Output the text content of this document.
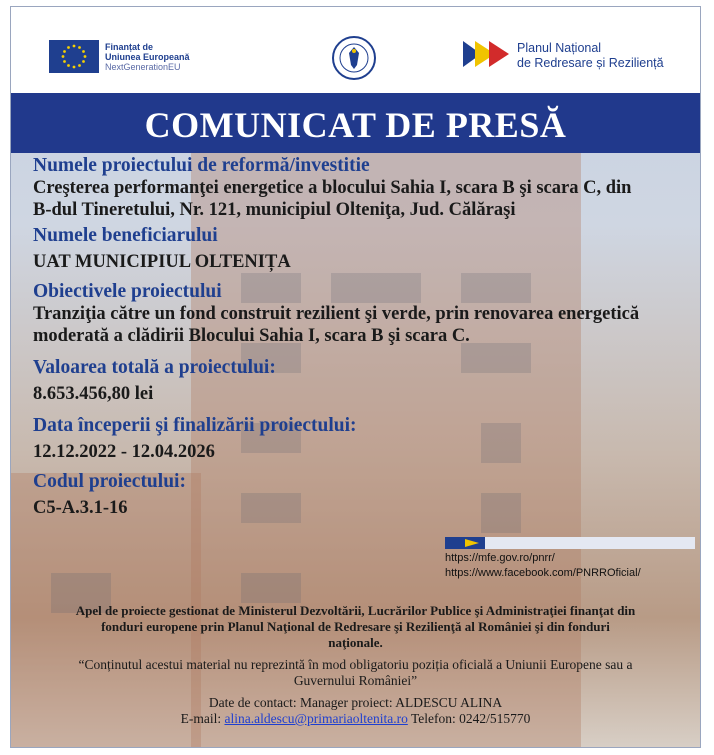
Finanțat de
Uniunea Europeană
NextGenerationEU
Planul Național
de Redresare și Reziliență
COMUNICAT DE PRESĂ

Numele proiectului de reformă/investitie

Creşterea performanţei energetice a blocului Sahia I, scara B şi scara C, din B-dul Tineretului, Nr. 121, municipiul Olteniţa, Jud. Călăraşi

Numele beneficiarului

UAT MUNICIPIUL OLTENIȚA

Obiectivele proiectului

Tranziţia către un fond construit rezilient şi verde, prin renovarea energetică moderată a clădirii Blocului Sahia I, scara B şi scara C.

Valoarea totală a proiectului:

8.653.456,80 lei

Data începerii şi finalizării proiectului:

12.12.2022 - 12.04.2026

Codul proiectului:

C5-A.3.1-16

https://mfe.gov.ro/pnrr/
https://www.facebook.com/PNRROficial/

Apel de proiecte gestionat de Ministerul Dezvoltării, Lucrărilor Publice şi Administraţiei finanţat din fonduri europene prin Planul Naţional de Redresare şi Rezilienţă al României şi din fonduri naţionale.

“Conținutul acestui material nu reprezintă în mod obligatoriu poziția oficială a Uniunii Europene sau a Guvernului României”

Date de contact: Manager proiect: ALDESCU ALINA

E-mail: alina.aldescu@primariaoltenita.ro Telefon: 0242/515770
